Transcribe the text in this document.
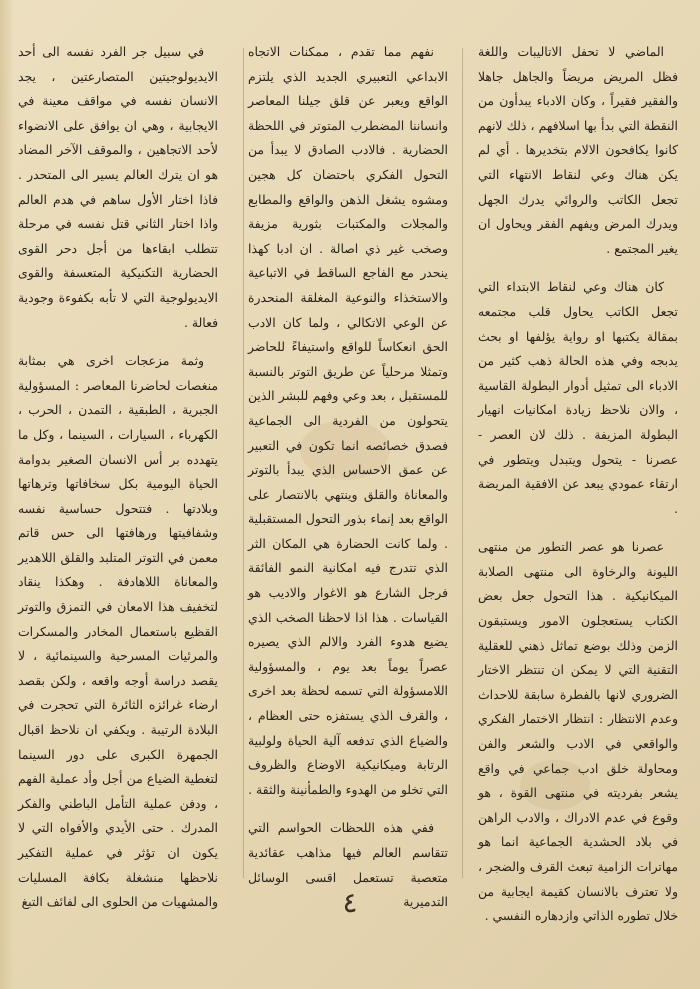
الماضي لا تحفل الاتاليبات واللغة فظل المريض مريضاً والجاهل جاهلا والفقير فقيراً ، وكان الادباء يبدأون من النقطة التي بدأ بها اسلافهم ، ذلك لانهم كانوا يكافحون الالام بتخديرها . أي لم يكن هناك وعي لنقاط الانتهاء التي تجعل الكاتب والروائي يدرك الجهل ويدرك المرض ويفهم الفقر ويحاول ان يغير المجتمع .

كان هناك وعي لنقاط الابتداء التي تجعل الكاتب يحاول قلب مجتمعه بمقالة يكتبها او رواية يؤلفها او بحث يدبجه وفي هذه الحالة ذهب كثير من الادباء الى تمثيل أدوار البطولة القاسية ، والان نلاحظ زيادة امكانيات انهيار البطولة المزيفة . ذلك لان العصر - عصرنا - يتحول ويتبدل ويتطور في ارتقاء عمودي يبعد عن الافقية المريضة .

عصرنا هو عصر التطور من منتهى الليونة والرخاوة الى منتهى الصلابة الميكانيكية . هذا التحول جعل بعض الكتاب يستعجلون الامور ويستبقون الزمن وذلك بوضع تماثل ذهني للعقلية التقنية التي لا يمكن ان تنتظر الاختار الضروري لانها بالفطرة سابقة للاحداث وعدم الانتظار : انتظار الاختمار الفكري والواقعي في الادب والشعر والفن ومحاولة خلق ادب جماعي في واقع يشعر بفرديته في منتهى القوة ، هو وقوع في عدم الادراك ، والادب الراهن في بلاد الحشدية الجماعية انما هو مهاترات الزامية تبعث القرف والضجر ، ولا تعترف بالانسان كقيمة ايجابية من خلال تطوره الذاتي وازدهاره النفسي .

نفهم مما تقدم ، ممكنات الاتجاه الابداعي التعبيري الجديد الذي يلتزم الواقع ويعبر عن قلق جيلنا المعاصر وانساننا المضطرب المتوتر في اللحظة الحضارية . فالادب الصادق لا يبدأ من التحول الفكري باحتضان كل هجين ومشوه يشغل الذهن والواقع والمطابع والمجلات والمكتبات بثورية مزيفة وصخب غير ذي اصالة . ان ادبا كهذا ينحدر مع الفاجع الساقط في الاتباعية والاستخذاء والنوعية المغلقة المنحدرة عن الوعي الاتكالي ، ولما كان الادب الحق انعكاساً للواقع واستيفاءً للحاضر وتمثلا مرحلياً عن طريق التوتر بالنسبة للمستقبل ، بعد وعي وفهم للبشر الذين يتحولون من الفردية الى الجماعية فصدق خصائصه انما تكون في التعبير عن عمق الاحساس الذي يبدأ بالتوتر والمعاناة والقلق وينتهي بالانتصار على الواقع بعد إنماء بذور التحول المستقبلية . ولما كانت الحضارة هي المكان الثر الذي تتدرج فيه امكانية النمو الفائقة فرجل الشارع هو الاغوار والاديب هو القياسات . هذا اذا لاحظنا الصخب الذي يضيع هدوء الفرد والالم الذي يصيره عصراً يوماً بعد يوم ، والمسؤولية اللامسؤولة التي تسمه لحظة بعد اخرى ، والقرف الذي يستفزه حتى العظام ، والضياع الذي تدفعه آلية الحياة ولولبية الرتابة وميكانيكية الاوضاع والظروف التي تخلو من الهدوء والطمأنينة والثقة .

ففي هذه اللحظات الحواسم التي تتقاسم العالم فيها مذاهب عقائدية متعصبة تستعمل اقسى الوسائل التدميرية

في سبيل جر الفرد نفسه الى أحد الايديولوجيتين المتصارعتين ، يجد الانسان نفسه في مواقف معينة في الايجابية ، وهي ان يوافق على الانضواء لأحد الاتجاهين ، والموقف الآخر المضاد هو ان يترك العالم يسير الى المتحدر . فاذا اختار الأول ساهم في هدم العالم واذا اختار الثاني قتل نفسه في مرحلة تتطلب ابقاءها من أجل دحر القوى الحضارية التكنيكية المتعسفة والقوى الايديولوجية التي لا تأبه بكفوءة وجودية فعالة .

وثمة مزعجات اخرى هي بمثابة منغصات لحاضرنا المعاصر : المسؤولية الجبرية ، الطبقية ، التمدن ، الحرب ، الكهرباء ، السيارات ، السينما ، وكل ما يتهدده بر أس الانسان الصغير بدوامة الحياة اليومية بكل سخافاتها وترهاتها وبلادتها . فتتحول حساسية نفسه وشفافيتها ورهافتها الى حس قاتم معمن في التوتر المتلبد والقلق اللاهدير والمعاناة اللاهادفة . وهكذا ينقاد لتخفيف هذا الامعان في التمزق والتوتر القظيع باستعمال المخادر والمسكرات والمرئيات المسرحية والسينمائية ، لا يقصد دراسة أوجه واقعه ، ولكن بقصد ارضاء غرائزه الثائرة التي تحجرت في البلادة الرتيبة . ويكفي ان نلاحظ اقبال الجمهرة الكبرى على دور السينما لتغطية الضياع من أجل وأد عملية الفهم ، ودفن عملية التأمل الباطني والفكر المدرك . حتى الأيدي والأفواه التي لا يكون ان تؤثر في عملية التفكير نلاحظها منشغلة بكافة المسليات والمشهيات من الحلوى الى لفائف التبغ	٤
